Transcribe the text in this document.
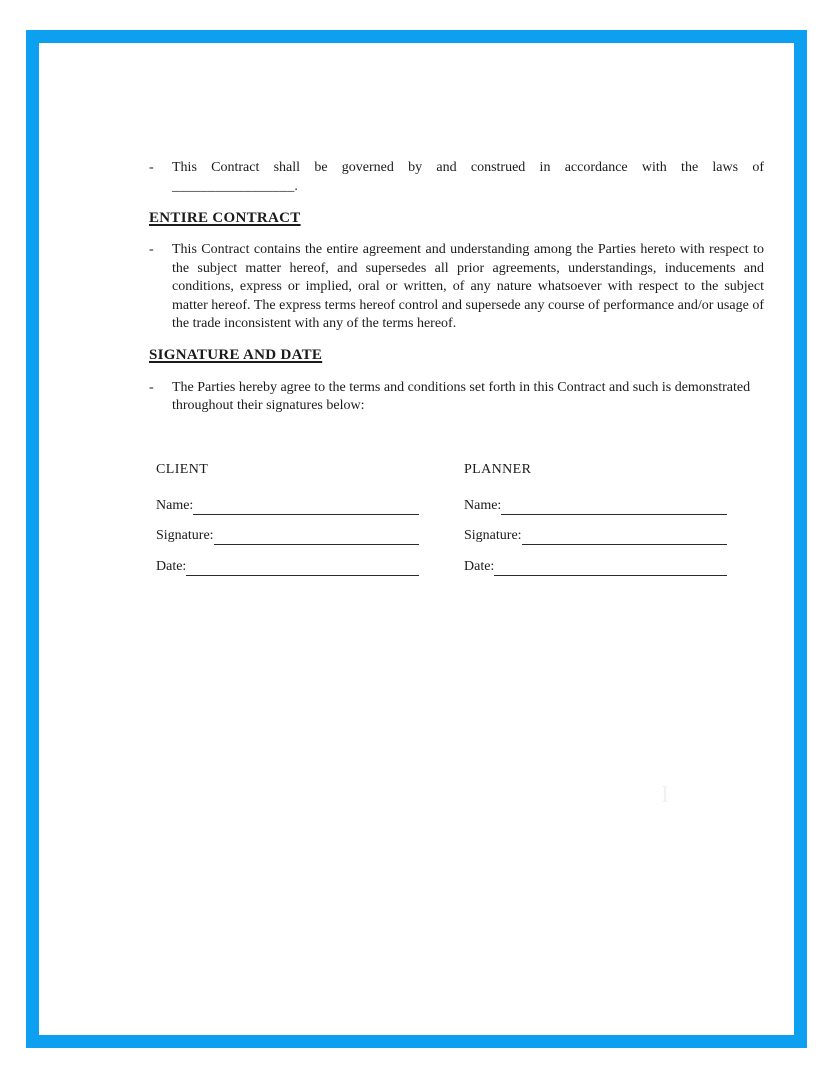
-	This Contract shall be governed by and construed in accordance with the laws of
_________________.
ENTIRE CONTRACT
-	This Contract contains the entire agreement and understanding among the Parties hereto with respect to the subject matter hereof, and supersedes all prior agreements, understandings, inducements and conditions, express or implied, oral or written, of any nature whatsoever with respect to the subject matter hereof. The express terms hereof control and supersede any course of performance and/or usage of the trade inconsistent with any of the terms hereof.
SIGNATURE AND DATE
-	The Parties hereby agree to the terms and conditions set forth in this Contract and such is demonstrated throughout their signatures below:
CLIENT
Name:
Signature:
Date:
PLANNER
Name:
Signature:
Date:
I
